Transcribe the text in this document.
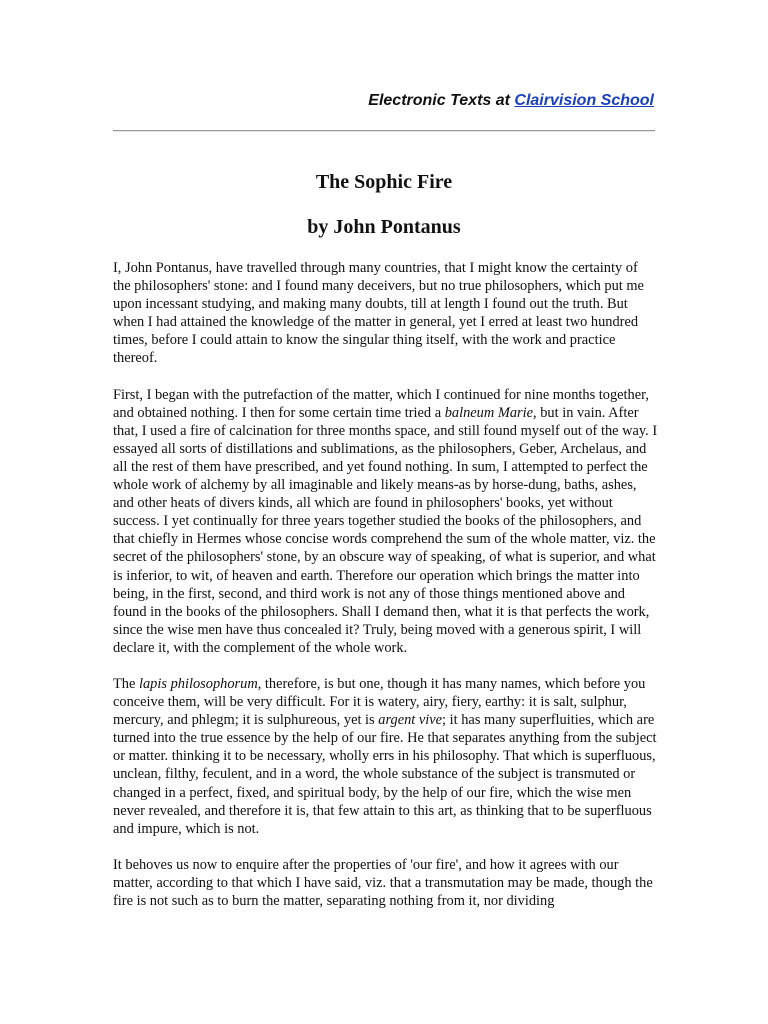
Electronic Texts at Clairvision School
The Sophic Fire
by John Pontanus

I, John Pontanus, have travelled through many countries, that I might know the certainty of the philosophers' stone: and I found many deceivers, but no true philosophers, which put me upon incessant studying, and making many doubts, till at length I found out the truth. But when I had attained the knowledge of the matter in general, yet I erred at least two hundred times, before I could attain to know the singular thing itself, with the work and practice thereof.

First, I began with the putrefaction of the matter, which I continued for nine months together, and obtained nothing. I then for some certain time tried a balneum Marie, but in vain. After that, I used a fire of calcination for three months space, and still found myself out of the way. I essayed all sorts of distillations and sublimations, as the philosophers, Geber, Archelaus, and all the rest of them have prescribed, and yet found nothing. In sum, I attempted to perfect the whole work of alchemy by all imaginable and likely means-as by horse-dung, baths, ashes, and other heats of divers kinds, all which are found in philosophers' books, yet without success. I yet continually for three years together studied the books of the philosophers, and that chiefly in Hermes whose concise words comprehend the sum of the whole matter, viz. the secret of the philosophers' stone, by an obscure way of speaking, of what is superior, and what is inferior, to wit, of heaven and earth. Therefore our operation which brings the matter into being, in the first, second, and third work is not any of those things mentioned above and found in the books of the philosophers. Shall I demand then, what it is that perfects the work, since the wise men have thus concealed it? Truly, being moved with a generous spirit, I will declare it, with the complement of the whole work.

The lapis philosophorum, therefore, is but one, though it has many names, which before you conceive them, will be very difficult. For it is watery, airy, fiery, earthy: it is salt, sulphur, mercury, and phlegm; it is sulphureous, yet is argent vive; it has many superfluities, which are turned into the true essence by the help of our fire. He that separates anything from the subject or matter. thinking it to be necessary, wholly errs in his philosophy. That which is superfluous, unclean, filthy, feculent, and in a word, the whole substance of the subject is transmuted or changed in a perfect, fixed, and spiritual body, by the help of our fire, which the wise men never revealed, and therefore it is, that few attain to this art, as thinking that to be superfluous and impure, which is not.

It behoves us now to enquire after the properties of 'our fire', and how it agrees with our matter, according to that which I have said, viz. that a transmutation may be made, though the fire is not such as to burn the matter, separating nothing from it, nor dividing
